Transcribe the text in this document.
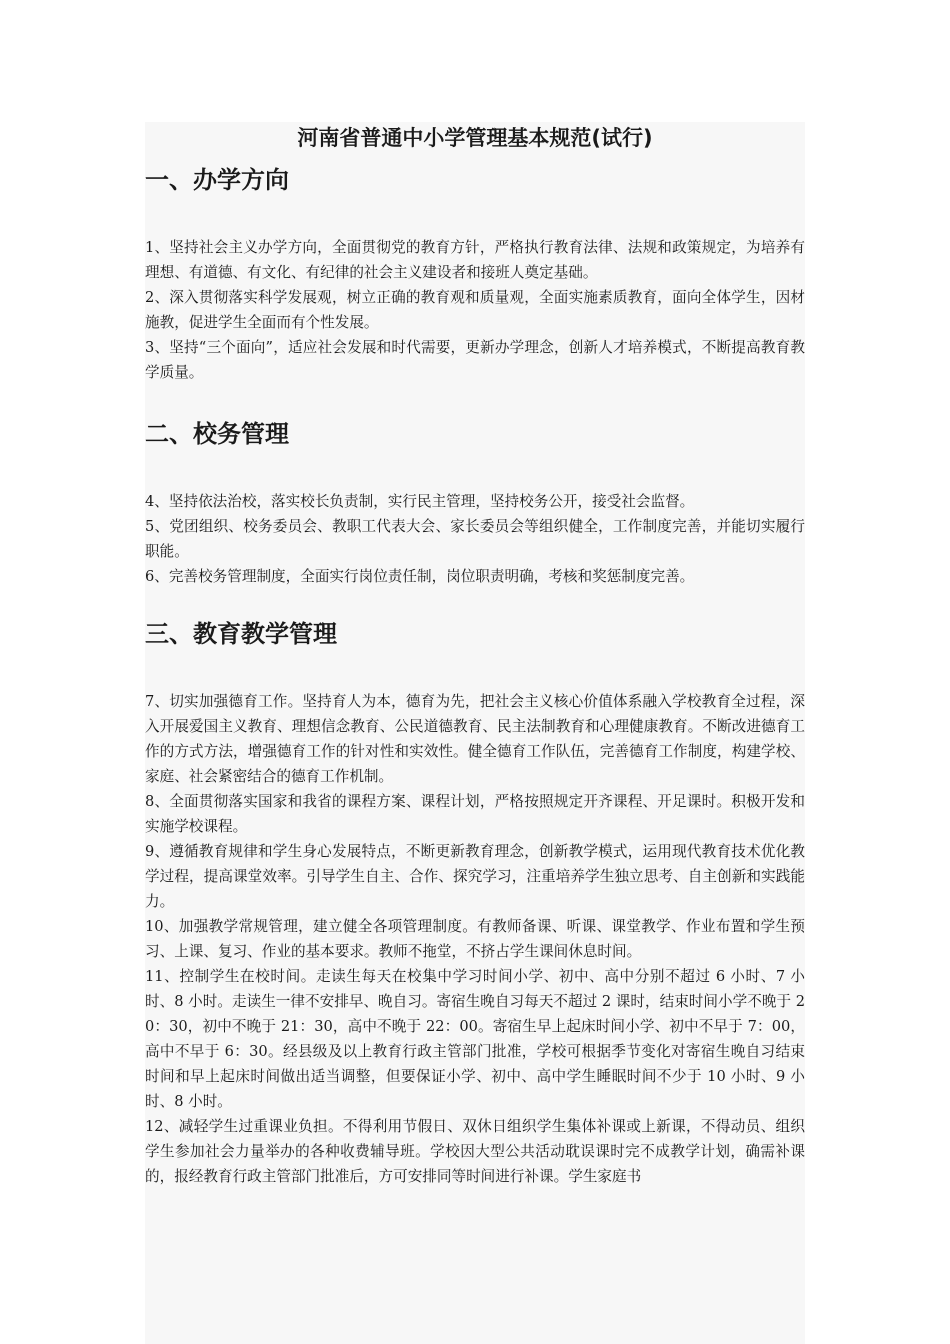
河南省普通中小学管理基本规范(试行)
一、办学方向

1、坚持社会主义办学方向，全面贯彻党的教育方针，严格执行教育法律、法规和政策规定，为培养有理想、有道德、有文化、有纪律的社会主义建设者和接班人奠定基础。

2、深入贯彻落实科学发展观，树立正确的教育观和质量观，全面实施素质教育，面向全体学生，因材施教，促进学生全面而有个性发展。

3、坚持“三个面向”，适应社会发展和时代需要，更新办学理念，创新人才培养模式，不断提高教育教学质量。

二、校务管理

4、坚持依法治校，落实校长负责制，实行民主管理，坚持校务公开，接受社会监督。

5、党团组织、校务委员会、教职工代表大会、家长委员会等组织健全，工作制度完善，并能切实履行职能。

6、完善校务管理制度，全面实行岗位责任制，岗位职责明确，考核和奖惩制度完善。

三、教育教学管理

7、切实加强德育工作。坚持育人为本，德育为先，把社会主义核心价值体系融入学校教育全过程，深入开展爱国主义教育、理想信念教育、公民道德教育、民主法制教育和心理健康教育。不断改进德育工作的方式方法，增强德育工作的针对性和实效性。健全德育工作队伍，完善德育工作制度，构建学校、家庭、社会紧密结合的德育工作机制。

8、全面贯彻落实国家和我省的课程方案、课程计划，严格按照规定开齐课程、开足课时。积极开发和实施学校课程。

9、遵循教育规律和学生身心发展特点，不断更新教育理念，创新教学模式，运用现代教育技术优化教学过程，提高课堂效率。引导学生自主、合作、探究学习，注重培养学生独立思考、自主创新和实践能力。

10、加强教学常规管理，建立健全各项管理制度。有教师备课、听课、课堂教学、作业布置和学生预习、上课、复习、作业的基本要求。教师不拖堂，不挤占学生课间休息时间。

11、控制学生在校时间。走读生每天在校集中学习时间小学、初中、高中分别不超过 6 小时、7 小时、8 小时。走读生一律不安排早、晚自习。寄宿生晚自习每天不超过 2 课时，结束时间小学不晚于 20：30，初中不晚于 21：30，高中不晚于 22：00。寄宿生早上起床时间小学、初中不早于 7：00，高中不早于 6：30。经县级及以上教育行政主管部门批准，学校可根据季节变化对寄宿生晚自习结束时间和早上起床时间做出适当调整，但要保证小学、初中、高中学生睡眠时间不少于 10 小时、9 小时、8 小时。

12、减轻学生过重课业负担。不得利用节假日、双休日组织学生集体补课或上新课，不得动员、组织学生参加社会力量举办的各种收费辅导班。学校因大型公共活动耽误课时完不成教学计划，确需补课的，报经教育行政主管部门批准后，方可安排同等时间进行补课。学生家庭书
